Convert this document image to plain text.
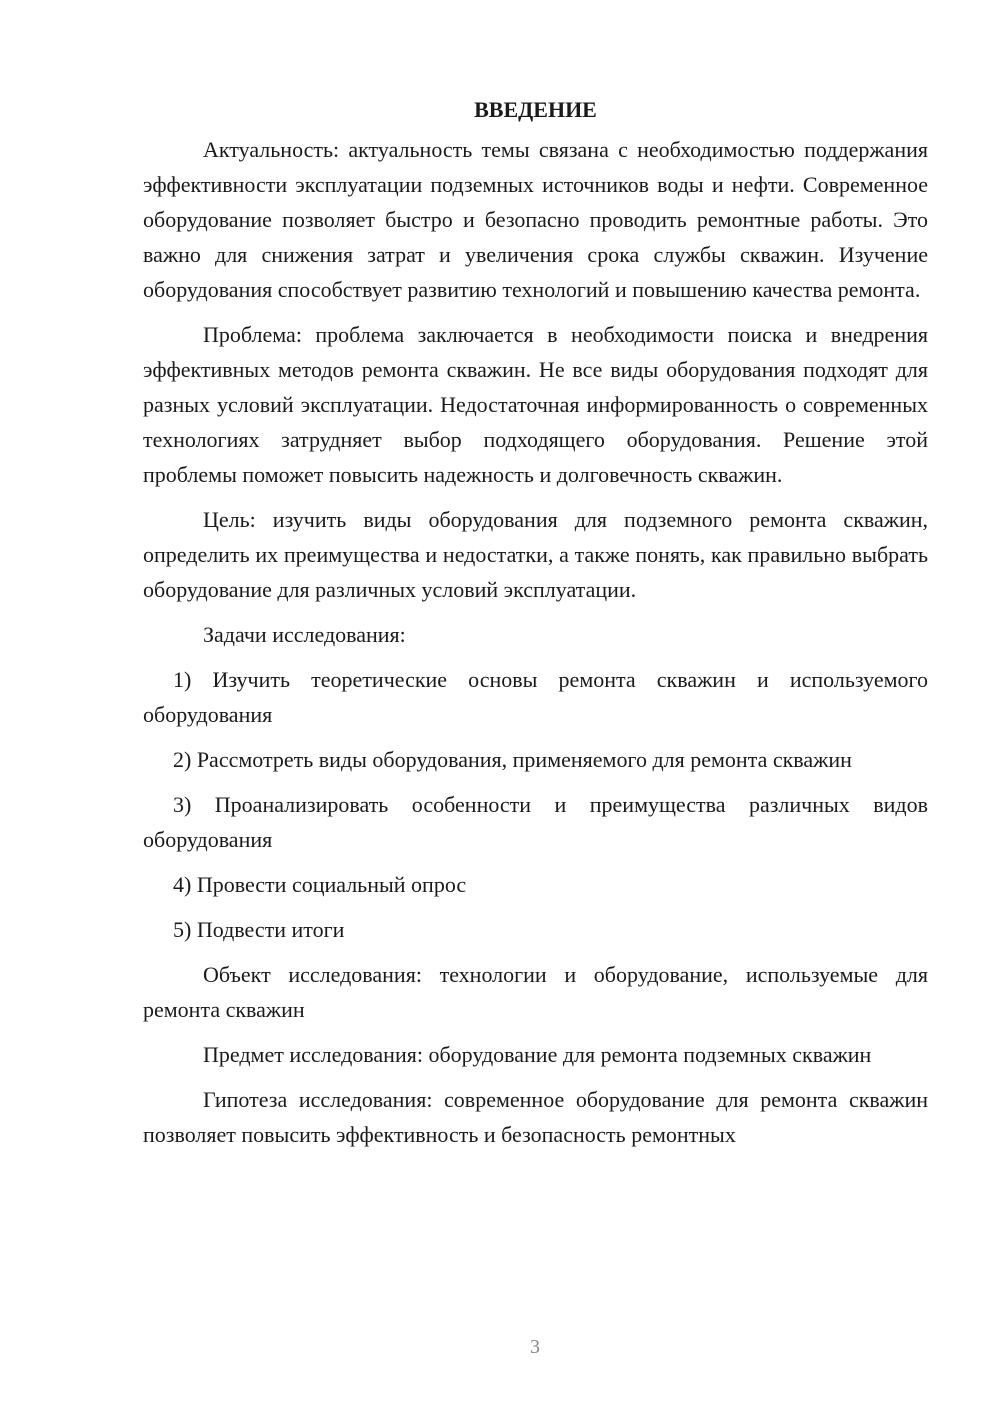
ВВЕДЕНИЕ

Актуальность: актуальность темы связана с необходимостью поддержания эффективности эксплуатации подземных источников воды и нефти. Современное оборудование позволяет быстро и безопасно проводить ремонтные работы. Это важно для снижения затрат и увеличения срока службы скважин. Изучение оборудования способствует развитию технологий и повышению качества ремонта.

Проблема: проблема заключается в необходимости поиска и внедрения эффективных методов ремонта скважин. Не все виды оборудования подходят для разных условий эксплуатации. Недостаточная информированность о современных технологиях затрудняет выбор подходящего оборудования. Решение этой проблемы поможет повысить надежность и долговечность скважин.

Цель: изучить виды оборудования для подземного ремонта скважин, определить их преимущества и недостатки, а также понять, как правильно выбрать оборудование для различных условий эксплуатации.

Задачи исследования:

1) Изучить теоретические основы ремонта скважин и используемого оборудования

2) Рассмотреть виды оборудования, применяемого для ремонта скважин

3) Проанализировать особенности и преимущества различных видов оборудования

4) Провести социальный опрос

5) Подвести итоги

Объект исследования: технологии и оборудование, используемые для ремонта скважин

Предмет исследования: оборудование для ремонта подземных скважин

Гипотеза исследования: современное оборудование для ремонта скважин позволяет повысить эффективность и безопасность ремонтных

3
